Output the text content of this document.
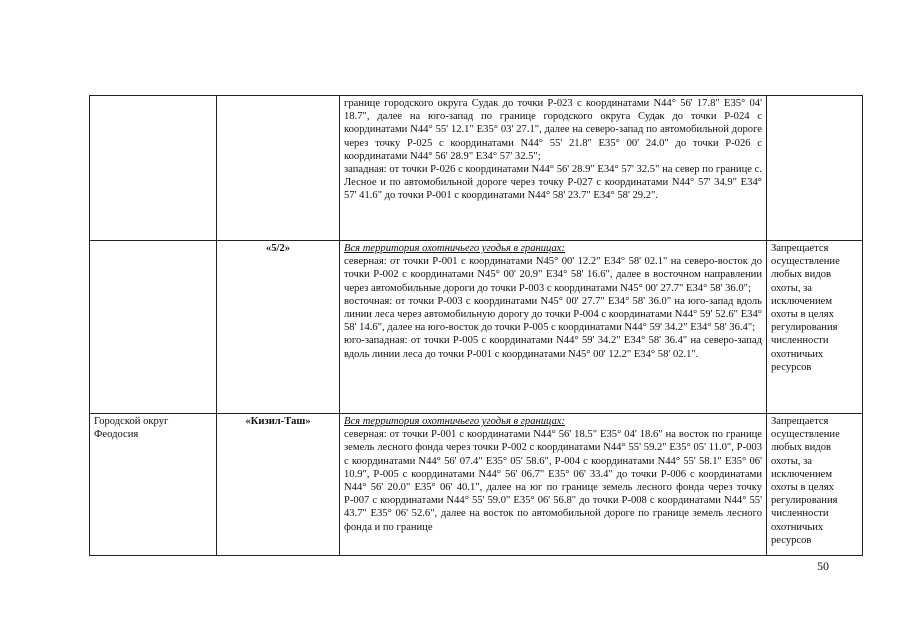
		границе городского округа Судак до точки Р-023 с координатами N44° 56' 17.8" E35° 04' 18.7", далее на юго-запад по границе городского округа Судак до точки Р-024 с координатами N44° 55' 12.1" E35° 03' 27.1", далее на северо-запад по автомобильной дороге через точку Р-025 с координатами N44° 55' 21.8" E35° 00' 24.0" до точки Р-026 с координатами N44° 56' 28.9" E34° 57' 32.5";

западная: от точки Р-026 с координатами N44° 56' 28.9" E34° 57' 32.5" на север по границе с. Лесное и по автомобильной дороге через точку Р-027 с координатами N44° 57' 34.9" E34° 57' 41.6" до точки Р-001 с координатами N44° 58' 23.7" E34° 58' 29.2".	

	«5/2»	Вся территория охотничьего угодья в границах:

северная: от точки Р-001 с координатами N45° 00' 12.2" E34° 58' 02.1" на северо-восток до точки Р-002 с координатами N45° 00' 20.9" E34° 58' 16.6", далее в восточном направлении через автомобильные дороги до точки Р-003 с координатами N45° 00' 27.7" E34° 58' 36.0";

восточная: от точки Р-003 с координатами N45° 00' 27.7" E34° 58' 36.0" на юго-запад вдоль линии леса через автомобильную дорогу до точки Р-004 с координатами N44° 59' 52.6" E34° 58' 14.6", далее на юго-восток до точки Р-005 с координатами N44° 59' 34.2" E34° 58' 36.4";

юго-западная: от точки Р-005 с координатами N44° 59' 34.2" E34° 58' 36.4" на северо-запад вдоль линии леса до точки Р-001 с координатами N45° 00' 12.2" E34° 58' 02.1".	Запрещается осуществление любых видов охоты, за исключением охоты в целях регулирования численности охотничьих ресурсов
Городской округ Феодосия	«Кизил-Таш»	Вся территория охотничьего угодья в границах:

северная: от точки Р-001 с координатами N44° 56' 18.5" E35° 04' 18.6" на восток по границе земель лесного фонда через точки Р-002 с координатами N44° 55' 59.2" E35° 05' 11.0", Р-003 с координатами N44° 56' 07.4" E35° 05' 58.6", Р-004 с координатами N44° 55' 58.1" E35° 06' 10.9", Р-005 с координатами N44° 56' 06.7" E35° 06' 33.4" до точки Р-006 с координатами N44° 56' 20.0" E35° 06' 40.1", далее на юг по границе земель лесного фонда через точку Р-007 с координатами N44° 55' 59.0" E35° 06' 56.8" до точки Р-008 с координатами N44° 55' 43.7" E35° 06' 52.6", далее на восток по автомобильной дороге по границе земель лесного фонда и по границе	Запрещается осуществление любых видов охоты, за исключением охоты в целях регулирования численности охотничьих ресурсов
50
